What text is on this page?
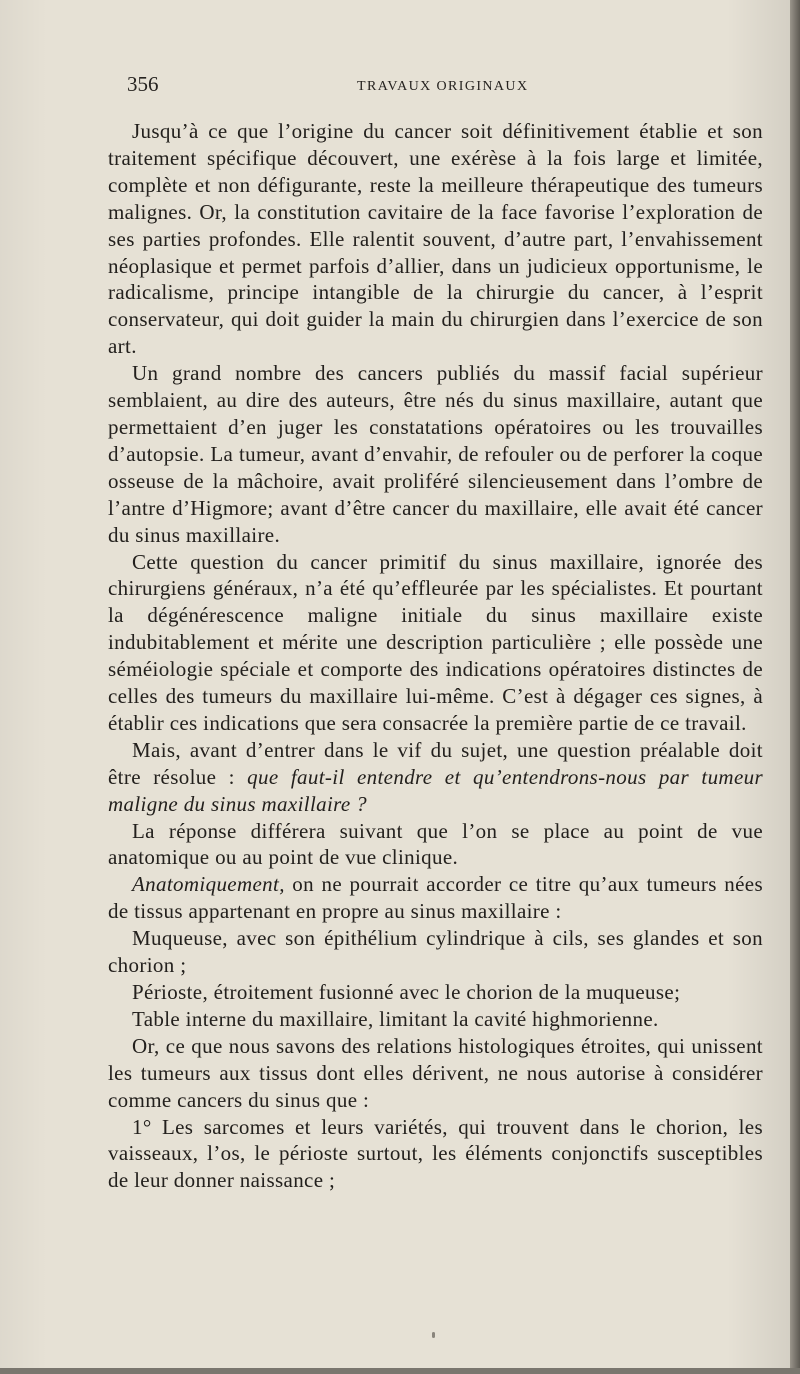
356	TRAVAUX ORIGINAUX

Jusqu’à ce que l’origine du cancer soit définitivement établie et son traitement spécifique découvert, une exérèse à la fois large et limitée, complète et non défigurante, reste la meilleure thérapeutique des tumeurs malignes. Or, la constitution cavitaire de la face favorise l’exploration de ses parties profondes. Elle ralentit souvent, d’autre part, l’envahissement néoplasique et permet parfois d’allier, dans un judicieux opportunisme, le radicalisme, principe intangible de la chirurgie du cancer, à l’esprit conservateur, qui doit guider la main du chirurgien dans l’exercice de son art.

Un grand nombre des cancers publiés du massif facial supérieur semblaient, au dire des auteurs, être nés du sinus maxillaire, autant que permettaient d’en juger les constatations opératoires ou les trouvailles d’autopsie. La tumeur, avant d’envahir, de refouler ou de perforer la coque osseuse de la mâchoire, avait proliféré silencieusement dans l’ombre de l’antre d’Higmore; avant d’être cancer du maxillaire, elle avait été cancer du sinus maxillaire.

Cette question du cancer primitif du sinus maxillaire, ignorée des chirurgiens généraux, n’a été qu’effleurée par les spécialistes. Et pourtant la dégénérescence maligne initiale du sinus maxillaire existe indubitablement et mérite une description particulière ; elle possède une séméiologie spéciale et comporte des indications opératoires distinctes de celles des tumeurs du maxillaire lui-même. C’est à dégager ces signes, à établir ces indications que sera consacrée la première partie de ce travail.

Mais, avant d’entrer dans le vif du sujet, une question préalable doit être résolue : que faut-il entendre et qu’entendrons-nous par tumeur maligne du sinus maxillaire ?

La réponse différera suivant que l’on se place au point de vue anatomique ou au point de vue clinique.

Anatomiquement, on ne pourrait accorder ce titre qu’aux tumeurs nées de tissus appartenant en propre au sinus maxillaire :

Muqueuse, avec son épithélium cylindrique à cils, ses glandes et son chorion ;

Périoste, étroitement fusionné avec le chorion de la muqueuse;

Table interne du maxillaire, limitant la cavité highmorienne.

Or, ce que nous savons des relations histologiques étroites, qui unissent les tumeurs aux tissus dont elles dérivent, ne nous autorise à considérer comme cancers du sinus que :

1° Les sarcomes et leurs variétés, qui trouvent dans le chorion, les vaisseaux, l’os, le périoste surtout, les éléments conjonctifs susceptibles de leur donner naissance ;
